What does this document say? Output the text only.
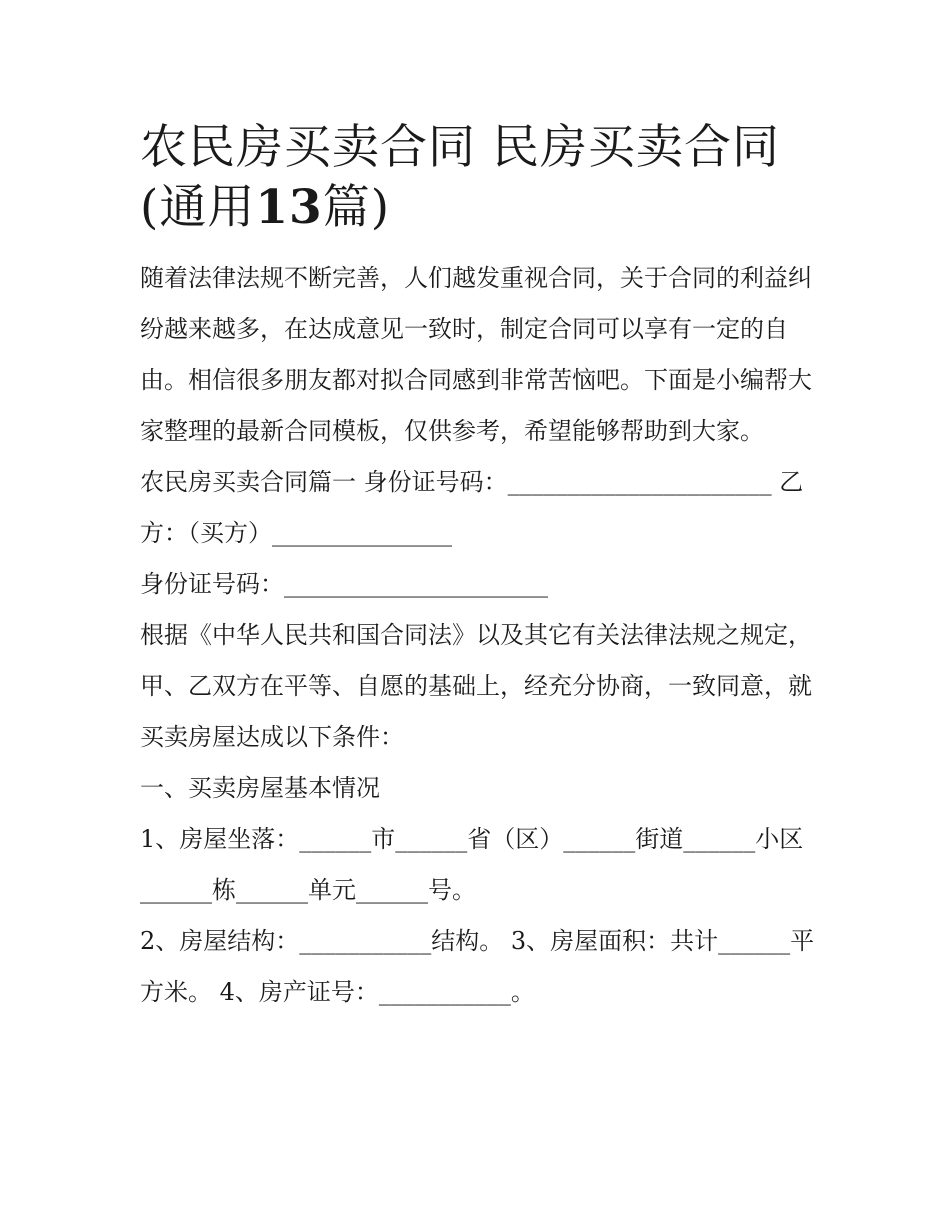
农民房买卖合同 民房买卖合同
(通用13篇)

随着法律法规不断完善，人们越发重视合同，关于合同的利益纠纷越来越多，在达成意见一致时，制定合同可以享有一定的自由。相信很多朋友都对拟合同感到非常苦恼吧。下面是小编帮大家整理的最新合同模板，仅供参考，希望能够帮助到大家。

农民房买卖合同篇一 身份证号码：______________________ 乙方：（买方）_______________

身份证号码：______________________

根据《中华人民共和国合同法》以及其它有关法律法规之规定，甲、乙双方在平等、自愿的基础上，经充分协商，一致同意，就买卖房屋达成以下条件：

一、买卖房屋基本情况

1、房屋坐落：______市______省（区）______街道______小区______栋______单元______号。

2、房屋结构：___________结构。 3、房屋面积：共计______平方米。 4、房产证号：___________。
